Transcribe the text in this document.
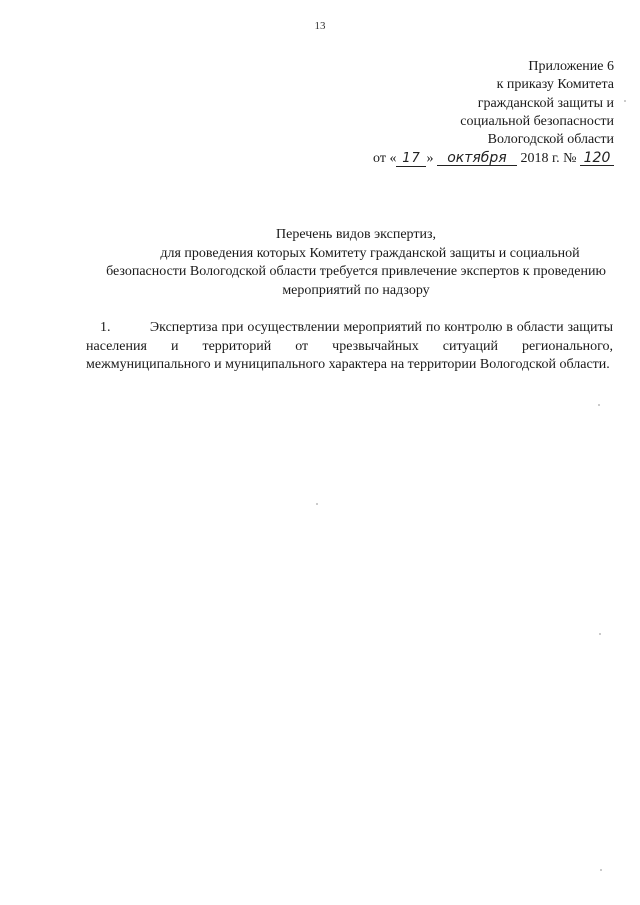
13
Приложение 6
к приказу Комитета
гражданской защиты и
социальной безопасности
Вологодской области
от « 17 » октября 2018 г. № 120
Перечень видов экспертиз,
для проведения которых Комитету гражданской защиты и социальной
безопасности Вологодской области требуется привлечение экспертов к проведению
мероприятий по надзору

1.	Экспертиза при осуществлении мероприятий по контролю в области защиты населения и территорий от чрезвычайных ситуаций регионального, межмуниципального и муниципального характера на территории Вологодской области.
